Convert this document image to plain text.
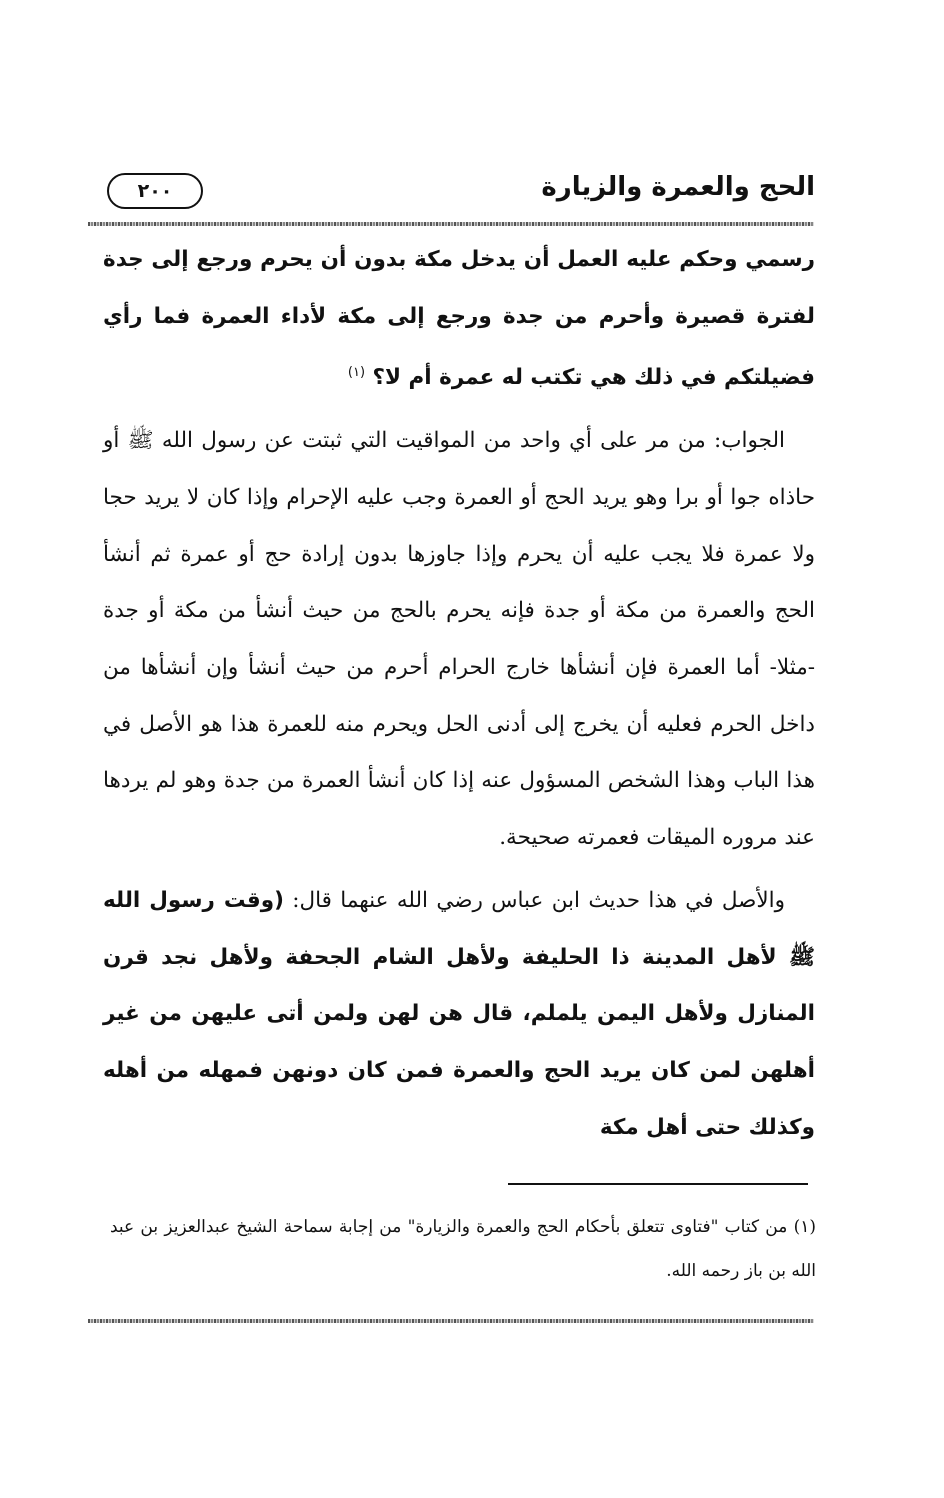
الحج والعمرة والزيارة
٢٠٠

رسمي وحكم عليه العمل أن يدخل مكة بدون أن يحرم ورجع إلى جدة لفترة قصيرة وأحرم من جدة ورجع إلى مكة لأداء العمرة فما رأي فضيلتكم في ذلك هي تكتب له عمرة أم لا؟ $^{(١)}$

الجواب: من مر على أي واحد من المواقيت التي ثبتت عن رسول الله ﷺ أو حاذاه جوا أو برا وهو يريد الحج أو العمرة وجب عليه الإحرام وإذا كان لا يريد حجا ولا عمرة فلا يجب عليه أن يحرم وإذا جاوزها بدون إرادة حج أو عمرة ثم أنشأ الحج والعمرة من مكة أو جدة فإنه يحرم بالحج من حيث أنشأ من مكة أو جدة -مثلا- أما العمرة فإن أنشأها خارج الحرام أحرم من حيث أنشأ وإن أنشأها من داخل الحرم فعليه أن يخرج إلى أدنى الحل ويحرم منه للعمرة هذا هو الأصل في هذا الباب وهذا الشخص المسؤول عنه إذا كان أنشأ العمرة من جدة وهو لم يردها عند مروره الميقات فعمرته صحيحة.

والأصل في هذا حديث ابن عباس رضي الله عنهما قال: (وقت رسول الله ﷺ لأهل المدينة ذا الحليفة ولأهل الشام الجحفة ولأهل نجد قرن المنازل ولأهل اليمن يلملم، قال هن لهن ولمن أتى عليهن من غير أهلهن لمن كان يريد الحج والعمرة فمن كان دونهن فمهله من أهله وكذلك حتى أهل مكة

(١) من كتاب "فتاوى تتعلق بأحكام الحج والعمرة والزيارة" من إجابة سماحة الشيخ عبدالعزيز بن عبد الله بن باز رحمه الله.
